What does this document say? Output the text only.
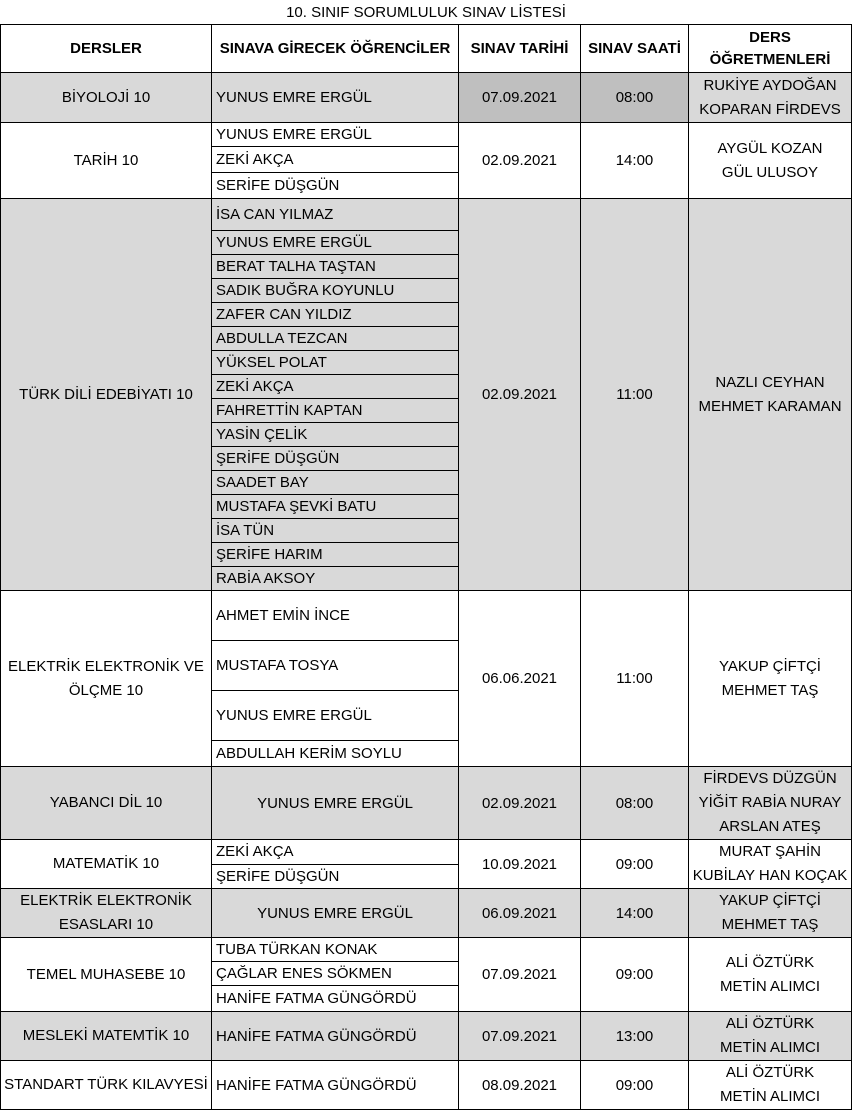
10. SINIF SORUMLULUK SINAV LİSTESİ
DERSLER	SINAVA GİRECEK ÖĞRENCİLER	SINAV TARİHİ	SINAV SAATİ	DERS
ÖĞRETMENLERİ

BİYOLOJİ 10	YUNUS EMRE ERGÜL	07.09.2021	08:00	RUKİYE AYDOĞAN
KOPARAN FİRDEVS

TARİH 10	YUNUS EMRE ERGÜL	02.09.2021	14:00	AYGÜL KOZAN
GÜL ULUSOY

	ZEKİ AKÇA			
	SERİFE DÜŞGÜN			

TÜRK DİLİ EDEBİYATI 10	İSA CAN YILMAZ	02.09.2021	11:00	NAZLI CEYHAN
MEHMET KARAMAN

	YUNUS EMRE ERGÜL			
	BERAT TALHA TAŞTAN			
	SADIK BUĞRA KOYUNLU			
	ZAFER CAN YILDIZ			
	ABDULLA TEZCAN			
	YÜKSEL POLAT			
	ZEKİ AKÇA			
	FAHRETTİN KAPTAN			
	YASİN ÇELİK			
	ŞERİFE DÜŞGÜN			
	SAADET BAY			
	MUSTAFA ŞEVKİ BATU			
	İSA TÜN			
	ŞERİFE HARIM			
	RABİA AKSOY			

ELEKTRİK ELEKTRONİK VE
ÖLÇME 10	AHMET EMİN İNCE	06.06.2021	11:00	YAKUP ÇİFTÇİ
MEHMET TAŞ

	MUSTAFA TOSYA			
	YUNUS EMRE ERGÜL			
	ABDULLAH KERİM SOYLU			

YABANCI DİL 10	YUNUS EMRE ERGÜL	02.09.2021	08:00	FİRDEVS DÜZGÜN
YİĞİT RABİA NURAY
ARSLAN ATEŞ

MATEMATİK 10	ZEKİ AKÇA	10.09.2021	09:00	MURAT ŞAHİN
KUBİLAY HAN KOÇAK

	ŞERİFE DÜŞGÜN			

ELEKTRİK ELEKTRONİK
ESASLARI 10	YUNUS EMRE ERGÜL	06.09.2021	14:00	YAKUP ÇİFTÇİ
MEHMET TAŞ

TEMEL MUHASEBE 10	TUBA TÜRKAN KONAK	07.09.2021	09:00	ALİ ÖZTÜRK
METİN ALIMCI

	ÇAĞLAR ENES SÖKMEN			
	HANİFE FATMA GÜNGÖRDÜ			

MESLEKİ MATEMTİK 10	HANİFE FATMA GÜNGÖRDÜ	07.09.2021	13:00	ALİ ÖZTÜRK
METİN ALIMCI

STANDART TÜRK KILAVYESİ	HANİFE FATMA GÜNGÖRDÜ	08.09.2021	09:00	ALİ ÖZTÜRK
METİN ALIMCI
